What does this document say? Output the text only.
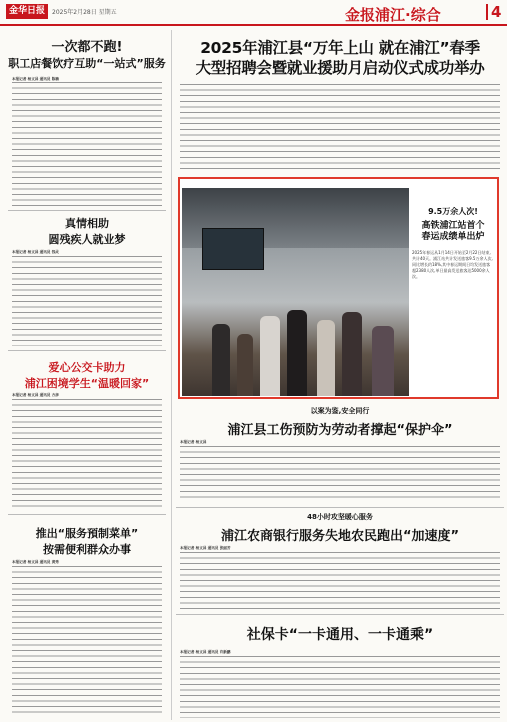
金华日报	2025年2月28日 星期五	金报浦江·综合	4
一次都不跑!
职工店餐饮疗互助“一站式”服务
本报记者 杨文昌 通讯员 陈楠
真情相助
圆残疾人就业梦
本报记者 杨文昌 通讯员 钱灵
爱心公交卡助力
浦江困境学生“温暖回家”
本报记者 杨文昌 通讯员 方彦
推出“服务預制菜单”
按需便利群众办事
本报记者 杨文昌 通讯员 黄秀
2025年浦江县“万年上山 就在浦江”春季
大型招聘会暨就业援助月启动仪式成功举办
9.5万余人次!
高铁浦江站首个
春运成绩单出炉
2025年春运从1月14日开始至2月22日结束,共计40天。浦江站共计发送旅客9.5万余人次,同比增长约18%,其中春运期间日均发送旅客超2380人次,单日最高发送旅客达5000余人次。
以案为鉴,安全同行
浦江县工伤预防为劳动者撑起“保护伞”
本报记者 杨文昌
48小时攻坚暖心服务
浦江农商银行服务失地农民跑出“加速度”
本报记者 杨文昌 通讯员 张丽芳
社保卡“一卡通用、一卡通乘”
本报记者 杨文昌 通讯员 许新鹏
